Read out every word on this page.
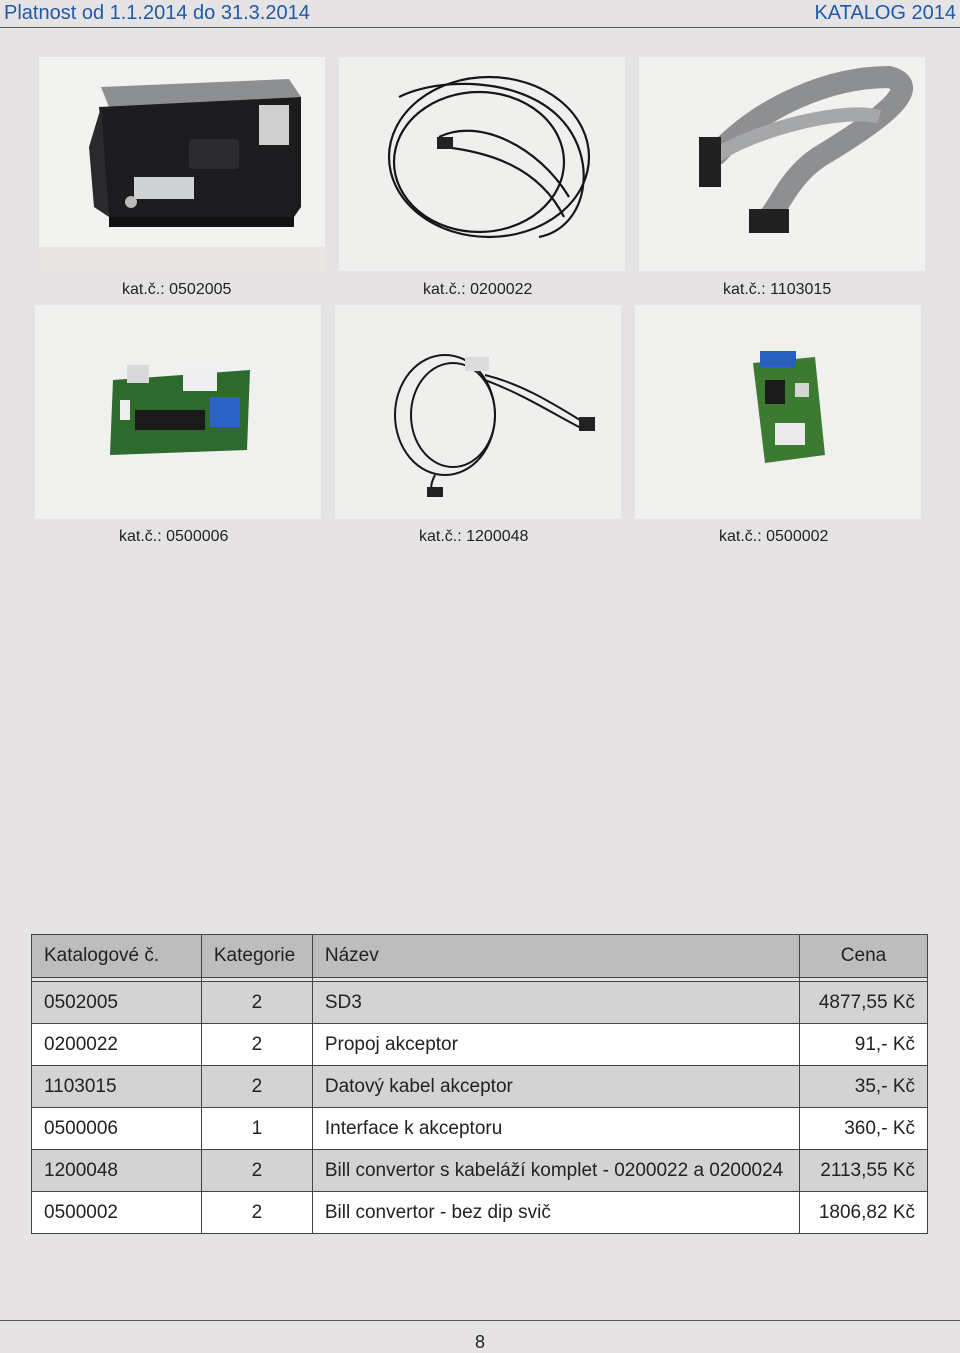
Platnost od 1.1.2014 do 31.3.2014	KATALOG 2014
kat.č.: 0502005	kat.č.: 0200022	kat.č.: 1103015
kat.č.: 0500006	kat.č.: 1200048	kat.č.: 0500002
Katalogové č.	Kategorie	Název	Cena

0502005	2	SD3	4877,55 Kč
0200022	2	Propoj akceptor	91,- Kč
1103015	2	Datový kabel akceptor	35,- Kč
0500006	1	Interface k akceptoru	360,- Kč
1200048	2	Bill convertor s kabeláží komplet - 0200022 a 0200024	2113,55 Kč
0500002	2	Bill convertor - bez dip svič	1806,82 Kč
8
